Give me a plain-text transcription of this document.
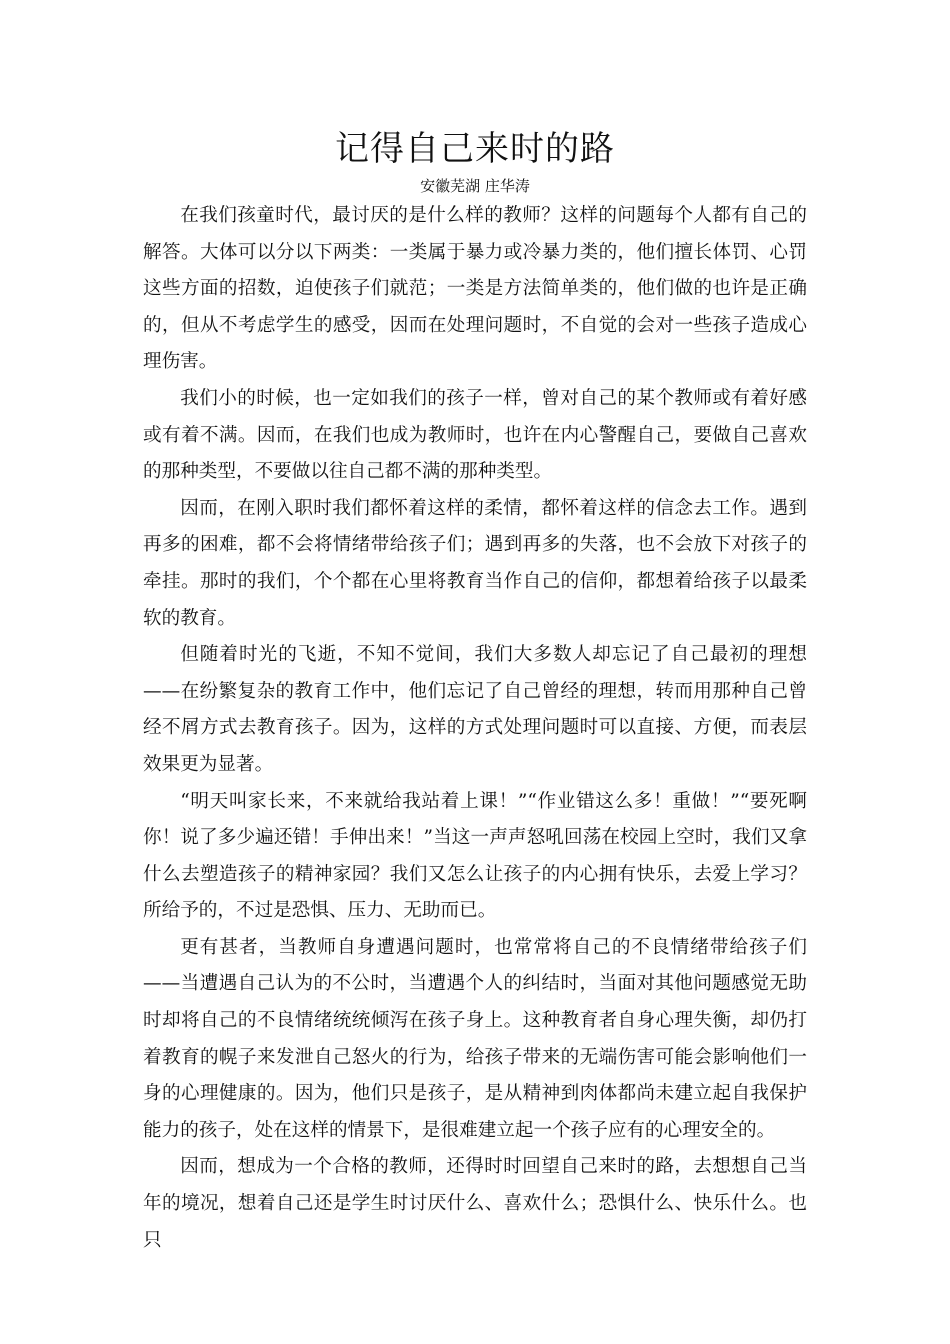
记得自己来时的路
安徽芜湖 庄华涛

在我们孩童时代，最讨厌的是什么样的教师？这样的问题每个人都有自己的解答。大体可以分以下两类：一类属于暴力或冷暴力类的，他们擅长体罚、心罚这些方面的招数，迫使孩子们就范；一类是方法简单类的，他们做的也许是正确的，但从不考虑学生的感受，因而在处理问题时，不自觉的会对一些孩子造成心理伤害。

我们小的时候，也一定如我们的孩子一样，曾对自己的某个教师或有着好感或有着不满。因而，在我们也成为教师时，也许在内心警醒自己，要做自己喜欢的那种类型，不要做以往自己都不满的那种类型。

因而，在刚入职时我们都怀着这样的柔情，都怀着这样的信念去工作。遇到再多的困难，都不会将情绪带给孩子们；遇到再多的失落，也不会放下对孩子的牵挂。那时的我们，个个都在心里将教育当作自己的信仰，都想着给孩子以最柔软的教育。

但随着时光的飞逝，不知不觉间，我们大多数人却忘记了自己最初的理想——在纷繁复杂的教育工作中，他们忘记了自己曾经的理想，转而用那种自己曾经不屑方式去教育孩子。因为，这样的方式处理问题时可以直接、方便，而表层效果更为显著。

“明天叫家长来，不来就给我站着上课！”“作业错这么多！重做！”“要死啊你！说了多少遍还错！手伸出来！”当这一声声怒吼回荡在校园上空时，我们又拿什么去塑造孩子的精神家园？我们又怎么让孩子的内心拥有快乐，去爱上学习？所给予的，不过是恐惧、压力、无助而已。

更有甚者，当教师自身遭遇问题时，也常常将自己的不良情绪带给孩子们——当遭遇自己认为的不公时，当遭遇个人的纠结时，当面对其他问题感觉无助时却将自己的不良情绪统统倾泻在孩子身上。这种教育者自身心理失衡，却仍打着教育的幌子来发泄自己怒火的行为，给孩子带来的无端伤害可能会影响他们一身的心理健康的。因为，他们只是孩子，是从精神到肉体都尚未建立起自我保护能力的孩子，处在这样的情景下，是很难建立起一个孩子应有的心理安全的。

因而，想成为一个合格的教师，还得时时回望自己来时的路，去想想自己当年的境况，想着自己还是学生时讨厌什么、喜欢什么；恐惧什么、快乐什么。也只
